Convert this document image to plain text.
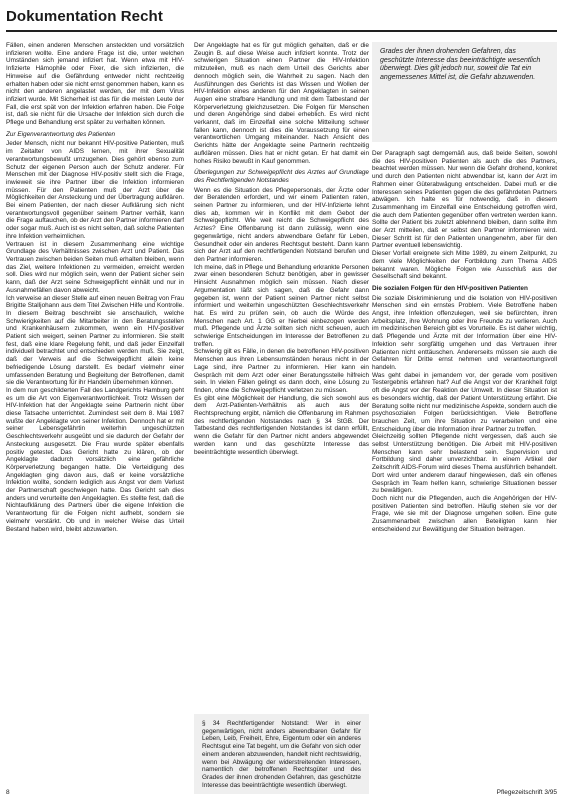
Dokumentation Recht

Fällen, einen anderen Menschen ansteckten und vorsätzlich infizieren wollte. Eine andere Frage ist die, unter welchen Umständen sich jemand infiziert hat. Wenn etwa mit HIV-Infizierte Hämophile oder Fixer, die sich infizierten, die Hinweise auf die Gefährdung entweder nicht rechtzeitig erhalten haben oder sie nicht ernst genommen haben, kann es nicht den anderen angelastet werden, der mit dem Virus infiziert wurde. Mit Sicherheit ist das für die meisten Leute der Fall, die erst spät von der Infektion erfahren haben. Die Folge ist, daß sie nicht für die Ursache der Infektion sich durch die Pflege und Behandlung erst später zu verhalten können.

Zur Eigenverantwortung des Patienten

Jeder Mensch, nicht nur bekannt HIV-positive Patienten, muß im Zeitalter von AIDS lernen, mit ihrer Sexualität verantwortungsbewußt umzugehen. Dies gehört ebenso zum Schutz der eigenen Person auch der Schutz anderer. Für Menschen mit der Diagnose HIV-positiv stellt sich die Frage, inwieweit sie ihre Partner über die Infektion informieren müssen. Für den Patienten muß der Arzt über die Möglichkeiten der Ansteckung und der Übertragung aufklären. Bei einem Patienten, der nach dieser Aufklärung sich nicht verantwortungsvoll gegenüber seinem Partner verhält, kann die Frage auftauchen, ob der Arzt den Partner informieren darf oder sogar muß. Auch ist es nicht selten, daß solche Patienten ihre Infektion verheimlichen.

Vertrauen ist in diesem Zusammenhang eine wichtige Grundlage des Verhältnisses zwischen Arzt und Patient. Das Vertrauen zwischen beiden Seiten muß erhalten bleiben, wenn das Ziel, weitere Infektionen zu vermeiden, erreicht werden soll. Dies wird nur möglich sein, wenn der Patient sicher sein kann, daß der Arzt seine Schweigepflicht einhält und nur in Ausnahmefällen davon abweicht.

Ich verweise an dieser Stelle auf einen neuen Beitrag von Frau Brigitte Stalljohann aus dem Titel Zwischen Hilfe und Kontrolle. In diesem Beitrag beschreibt sie anschaulich, welche Schwierigkeiten auf die Mitarbeiter in den Beratungsstellen und Krankenhäusern zukommen, wenn ein HIV-positiver Patient sich weigert, seinen Partner zu informieren. Sie stellt fest, daß eine klare Regelung fehlt, und daß jeder Einzelfall individuell betrachtet und entschieden werden muß. Sie zeigt, daß der Verweis auf die Schweigepflicht allein keine befriedigende Lösung darstellt. Es bedarf vielmehr einer umfassenden Beratung und Begleitung der Betroffenen, damit sie die Verantwortung für ihr Handeln übernehmen können.

In dem nun geschilderten Fall des Landgerichts Hamburg geht es um die Art von Eigenverantwortlichkeit. Trotz Wissen der HIV-Infektion hat der Angeklagte seine Partnerin nicht über diese Tatsache unterrichtet. Zumindest seit dem 8. Mai 1987 wußte der Angeklagte von seiner Infektion. Dennoch hat er mit seiner Lebensgefährtin weiterhin ungeschützten Geschlechtsverkehr ausgeübt und sie dadurch der Gefahr der Ansteckung ausgesetzt. Die Frau wurde später ebenfalls positiv getestet. Das Gericht hatte zu klären, ob der Angeklagte dadurch vorsätzlich eine gefährliche Körperverletzung begangen hatte. Die Verteidigung des Angeklagten ging davon aus, daß er keine vorsätzliche Infektion wollte, sondern lediglich aus Angst vor dem Verlust der Partnerschaft geschwiegen hatte. Das Gericht sah dies anders und verurteilte den Angeklagten. Es stellte fest, daß die Nichtaufklärung des Partners über die eigene Infektion die Verantwortung für die Folgen nicht aufhebt, sondern sie vielmehr verstärkt. Ob und in welcher Weise das Urteil Bestand haben wird, bleibt abzuwarten.

Der Angeklagte hat es für gut möglich gehalten, daß er die Zeugin B. auf diese Weise auch infiziert konnte. Trotz der schwierigen Situation einen Partner die HIV-Infektion mitzuteilen, muß es nach dem Urteil des Gerichts aber dennoch möglich sein, die Wahrheit zu sagen. Nach den Ausführungen des Gerichts ist das Wissen und Wollen der HIV-Infektion eines anderen für den Angeklagten in seinen Augen eine strafbare Handlung und mit dem Tatbestand der Körperverletzung gleichzusetzen. Die Folgen für Menschen und deren Angehörige sind dabei erheblich. Es wird nicht verkannt, daß im Einzelfall eine solche Mitteilung schwer fallen kann, dennoch ist dies die Voraussetzung für einen verantwortlichen Umgang miteinander. Nach Ansicht des Gerichts hätte der Angeklagte seine Partnerin rechtzeitig aufklären müssen. Dies hat er nicht getan. Er hat damit ein hohes Risiko bewußt in Kauf genommen.

Überlegungen zur Schweigepflicht des Arztes auf Grundlage des Rechtfertigenden Notstandes

Wenn es die Situation des Pflegepersonals, der Ärzte oder der Beratenden erfordert, und wir einem Patienten raten, seinen Partner zu informieren, und der HIV-Infizierte lehnt dies ab, kommen wir in Konflikt mit dem Gebot der Schweigepflicht. Wie weit reicht die Schweigepflicht des Arztes? Eine Offenbarung ist dann zulässig, wenn eine gegenwärtige, nicht anders abwendbare Gefahr für Leben, Gesundheit oder ein anderes Rechtsgut besteht. Dann kann sich der Arzt auf den rechtfertigenden Notstand berufen und den Partner informieren.

Ich meine, daß in Pflege und Behandlung erkrankte Personen zwar einen besonderen Schutz benötigen, aber in gewisser Hinsicht Ausnahmen möglich sein müssen. Nach dieser Argumentation läßt sich sagen, daß die Gefahr dann gegeben ist, wenn der Patient seinen Partner nicht selbst informiert und weiterhin ungeschützten Geschlechtsverkehr hat. Es wird zu prüfen sein, ob auch die Würde des Menschen nach Art. 1 GG er hierbei einbezogen werden muß. Pflegende und Ärzte sollten sich nicht scheuen, auch schwierige Entscheidungen im Interesse der Betroffenen zu treffen.

Schwierig gilt es Fälle, in denen die betroffenen HIV-positiven Menschen aus ihren Lebensumständen heraus nicht in der Lage sind, ihre Partner zu informieren. Hier kann ein Gespräch mit dem Arzt oder einer Beratungsstelle hilfreich sein. In vielen Fällen gelingt es dann doch, eine Lösung zu finden, ohne die Schweigepflicht verletzen zu müssen.

Es gibt eine Möglichkeit der Handlung, die sich sowohl aus dem Arzt-Patienten-Verhältnis als auch aus der Rechtsprechung ergibt, nämlich die Offenbarung im Rahmen des rechtfertigenden Notstandes nach § 34 StGB. Der Tatbestand des rechtfertigenden Notstandes ist dann erfüllt, wenn die Gefahr für den Partner nicht anders abgewendet werden kann und das geschützte Interesse das beeinträchtigte wesentlich überwiegt.

§ 34 Rechtfertigender Notstand: Wer in einer gegenwärtigen, nicht anders abwendbaren Gefahr für Leben, Leib, Freiheit, Ehre, Eigentum oder ein anderes Rechtsgut eine Tat begeht, um die Gefahr von sich oder einem anderen abzuwenden, handelt nicht rechtswidrig, wenn bei Abwägung der widerstreitenden Interessen, namentlich der betroffenen Rechtsgüter und des Grades der ihnen drohenden Gefahren, das geschützte Interesse das beeinträchtigte wesentlich überwiegt.

Grades der ihnen drohenden Gefahren, das geschützte Interesse das beeinträchtigte wesentlich überwiegt. Dies gilt jedoch nur, soweit die Tat ein angemessenes Mittel ist, die Gefahr abzuwenden.

Der Paragraph sagt demgemäß aus, daß beide Seiten, sowohl die des HIV-positiven Patienten als auch die des Partners, beachtet werden müssen. Nur wenn die Gefahr drohend, konkret und durch den Patienten nicht abwendbar ist, kann der Arzt im Rahmen einer Güterabwägung entscheiden. Dabei muß er die Interessen seines Patienten gegen die des gefährdeten Partners abwägen. Ich halte es für notwendig, daß in diesem Zusammenhang im Einzelfall eine Entscheidung getroffen wird, die auch dem Patienten gegenüber offen vertreten werden kann. Sollte der Patient bis zuletzt ablehnend bleiben, dann sollte ihm der Arzt mitteilen, daß er selbst den Partner informieren wird. Dieser Schritt ist für den Patienten unangenehm, aber für den Partner eventuell lebenswichtig.

Dieser Vorfall ereignete sich Mitte 1989, zu einem Zeitpunkt, zu dem viele Möglichkeiten der Fortbildung zum Thema AIDS bekannt waren. Mögliche Folgen wie Ausschluß aus der Gesellschaft sind bekannt.

Die sozialen Folgen für den HIV-positiven Patienten

Die soziale Diskriminierung und die Isolation von HIV-positiven Menschen sind ein ernstes Problem. Viele Betroffene haben Angst, ihre Infektion offenzulegen, weil sie befürchten, ihren Arbeitsplatz, ihre Wohnung oder ihre Freunde zu verlieren. Auch im medizinischen Bereich gibt es Vorurteile. Es ist daher wichtig, daß Pflegende und Ärzte mit der Information über eine HIV-Infektion sehr sorgfältig umgehen und das Vertrauen ihrer Patienten nicht enttäuschen. Andererseits müssen sie auch die Gefahren für Dritte ernst nehmen und verantwortungsvoll handeln.

Was geht dabei in jemandem vor, der gerade vom positiven Testergebnis erfahren hat? Auf die Angst vor der Krankheit folgt oft die Angst vor der Reaktion der Umwelt. In dieser Situation ist es besonders wichtig, daß der Patient Unterstützung erfährt. Die Beratung sollte nicht nur medizinische Aspekte, sondern auch die psychosozialen Folgen berücksichtigen. Viele Betroffene brauchen Zeit, um ihre Situation zu verarbeiten und eine Entscheidung über die Information ihrer Partner zu treffen.

Gleichzeitig sollten Pflegende nicht vergessen, daß auch sie selbst Unterstützung benötigen. Die Arbeit mit HIV-positiven Menschen kann sehr belastend sein. Supervision und Fortbildung sind daher unverzichtbar. In einem Artikel der Zeitschrift AIDS-Forum wird dieses Thema ausführlich behandelt. Dort wird unter anderem darauf hingewiesen, daß ein offenes Gespräch im Team helfen kann, schwierige Situationen besser zu bewältigen.

Doch nicht nur die Pflegenden, auch die Angehörigen der HIV-positiven Patienten sind betroffen. Häufig stehen sie vor der Frage, wie sie mit der Diagnose umgehen sollen. Eine gute Zusammenarbeit zwischen allen Beteiligten kann hier entscheidend zur Bewältigung der Situation beitragen.

8	Pflegezeitschrift 3/95
